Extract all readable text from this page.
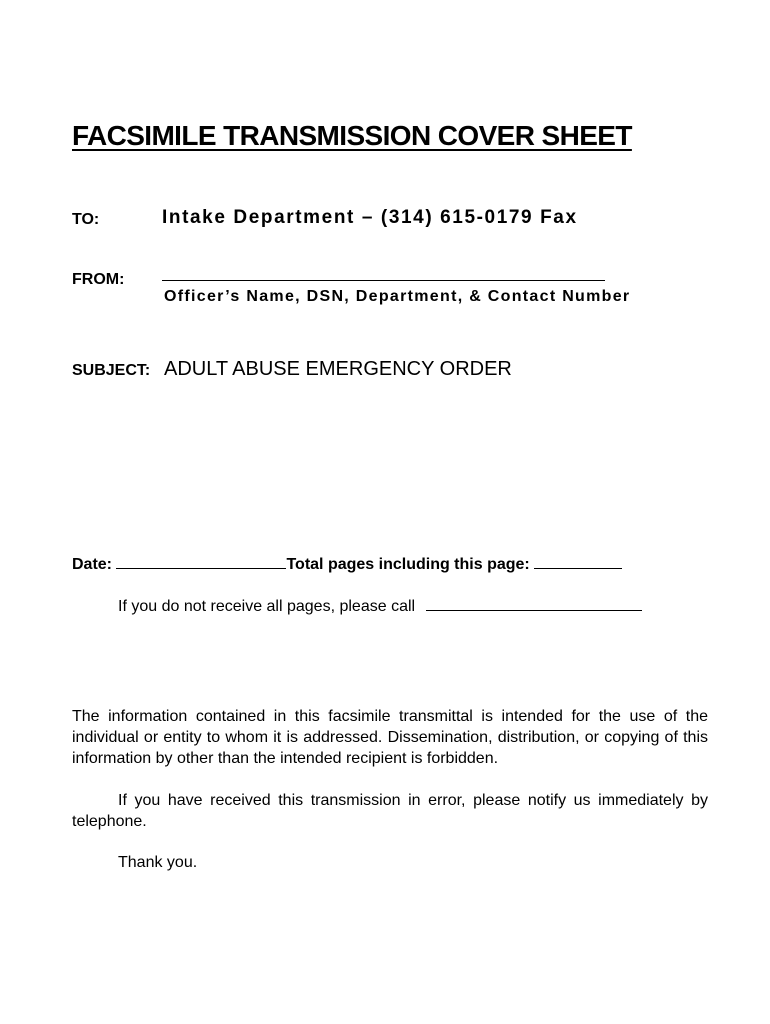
FACSIMILE TRANSMISSION COVER SHEET
TO:	Intake Department – (314) 615-0179 Fax
FROM:
Officer’s Name, DSN, Department, & Contact Number
SUBJECT: ADULT ABUSE EMERGENCY ORDER
Date:	Total pages including this page:
If you do not receive all pages, please call
The information contained in this facsimile transmittal is intended for the use of the individual or entity to whom it is addressed. Dissemination, distribution, or copying of this information by other than the intended recipient is forbidden.
If you have received this transmission in error, please notify us immediately by telephone.
Thank you.
